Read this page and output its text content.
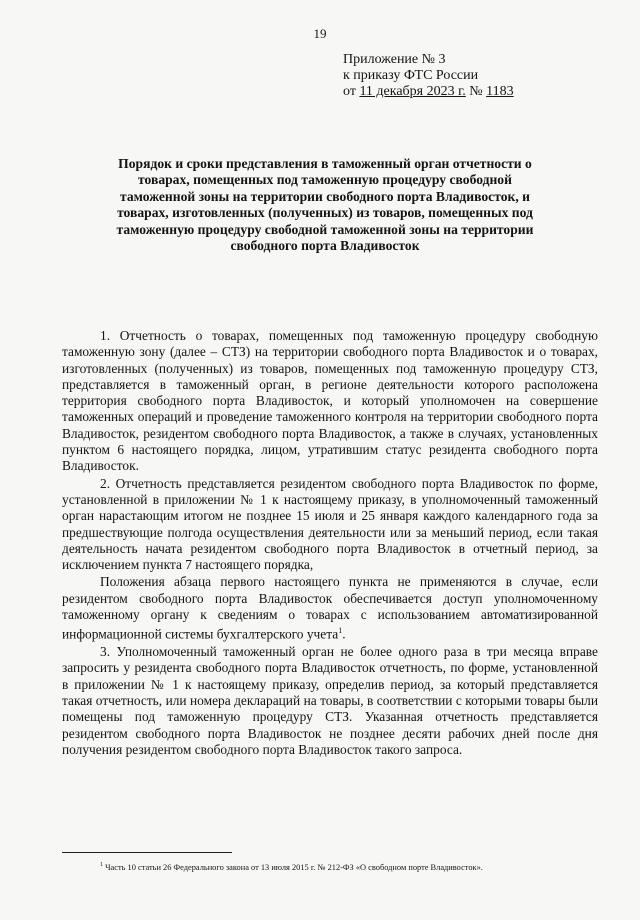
19
Приложение № 3
к приказу ФТС России
от 11 декабря 2023 г. № 1183
Порядок и сроки представления в таможенный орган отчетности о товарах, помещенных под таможенную процедуру свободной таможенной зоны на территории свободного порта Владивосток, и товарах, изготовленных (полученных) из товаров, помещенных под таможенную процедуру свободной таможенной зоны на территории свободного порта Владивосток

1. Отчетность о товарах, помещенных под таможенную процедуру свободную таможенную зону (далее – СТЗ) на территории свободного порта Владивосток и о товарах, изготовленных (полученных) из товаров, помещенных под таможенную процедуру СТЗ, представляется в таможенный орган, в регионе деятельности которого расположена территория свободного порта Владивосток, и который уполномочен на совершение таможенных операций и проведение таможенного контроля на территории свободного порта Владивосток, резидентом свободного порта Владивосток, а также в случаях, установленных пунктом 6 настоящего порядка, лицом, утратившим статус резидента свободного порта Владивосток.

2. Отчетность представляется резидентом свободного порта Владивосток по форме, установленной в приложении № 1 к настоящему приказу, в уполномоченный таможенный орган нарастающим итогом не позднее 15 июля и 25 января каждого календарного года за предшествующие полгода осуществления деятельности или за меньший период, если такая деятельность начата резидентом свободного порта Владивосток в отчетный период, за исключением пункта 7 настоящего порядка,

Положения абзаца первого настоящего пункта не применяются в случае, если резидентом свободного порта Владивосток обеспечивается доступ уполномоченному таможенному органу к сведениям о товарах с использованием автоматизированной информационной системы бухгалтерского учета$^1$.

3. Уполномоченный таможенный орган не более одного раза в три месяца вправе запросить у резидента свободного порта Владивосток отчетность, по форме, установленной в приложении № 1 к настоящему приказу, определив период, за который представляется такая отчетность, или номера деклараций на товары, в соответствии с которыми товары были помещены под таможенную процедуру СТЗ. Указанная отчетность представляется резидентом свободного порта Владивосток не позднее десяти рабочих дней после дня получения резидентом свободного порта Владивосток такого запроса.

$^1$ Часть 10 статьи 26 Федерального закона от 13 июля 2015 г. № 212-ФЗ «О свободном порте Владивосток».
